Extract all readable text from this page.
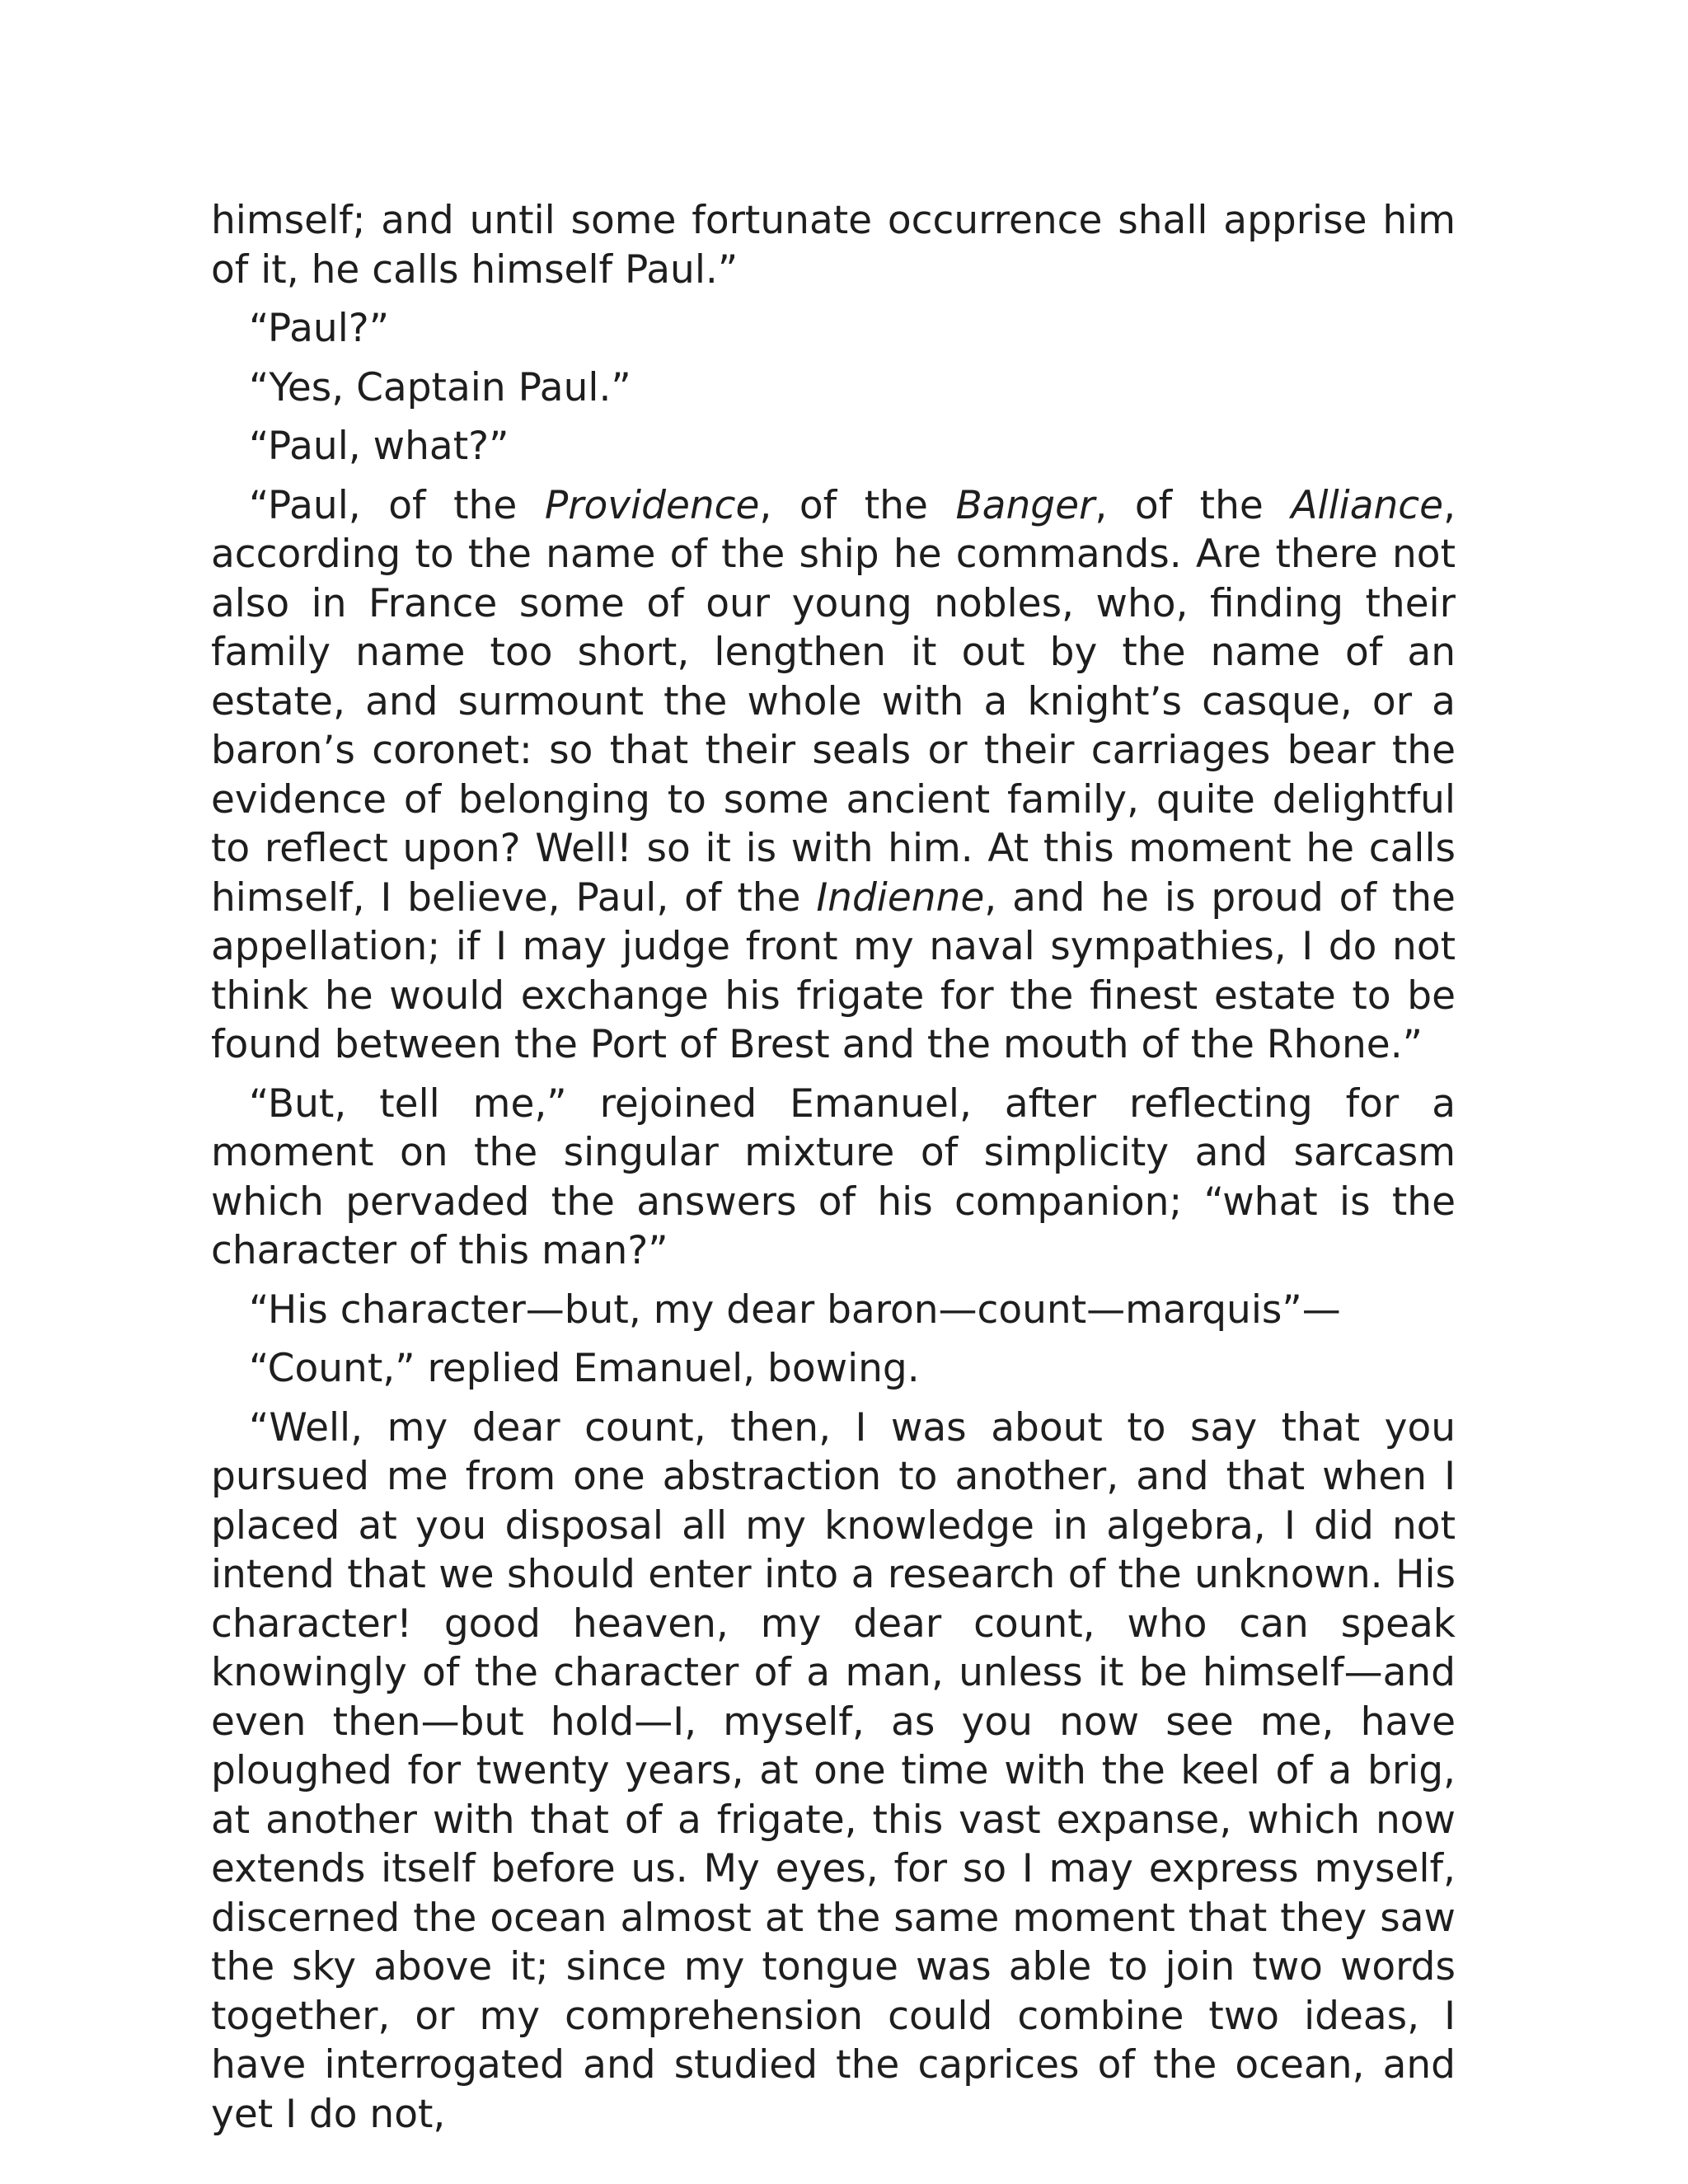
himself; and until some fortunate occurrence shall apprise him of it, he calls himself Paul.”

“Paul?”

“Yes, Captain Paul.”

“Paul, what?”

“Paul, of the Providence, of the Banger, of the Alliance, according to the name of the ship he commands. Are there not also in France some of our young nobles, who, finding their family name too short, lengthen it out by the name of an estate, and surmount the whole with a knight’s casque, or a baron’s coronet: so that their seals or their carriages bear the evidence of belonging to some ancient family, quite delightful to reflect upon? Well! so it is with him. At this moment he calls himself, I believe, Paul, of the Indienne, and he is proud of the appellation; if I may judge front my naval sympathies, I do not think he would exchange his frigate for the finest estate to be found between the Port of Brest and the mouth of the Rhone.”

“But, tell me,” rejoined Emanuel, after reflecting for a moment on the singular mixture of simplicity and sarcasm which pervaded the answers of his companion; “what is the character of this man?”

“His character—but, my dear baron—count—marquis”—

“Count,” replied Emanuel, bowing.

“Well, my dear count, then, I was about to say that you pursued me from one abstraction to another, and that when I placed at you disposal all my knowledge in algebra, I did not intend that we should enter into a research of the unknown. His character! good heaven, my dear count, who can speak knowingly of the character of a man, unless it be himself—and even then—but hold—I, myself, as you now see me, have ploughed for twenty years, at one time with the keel of a brig, at another with that of a frigate, this vast expanse, which now extends itself before us. My eyes, for so I may express myself, discerned the ocean almost at the same moment that they saw the sky above it; since my tongue was able to join two words together, or my comprehension could combine two ideas, I have interrogated and studied the caprices of the ocean, and yet I do not,
